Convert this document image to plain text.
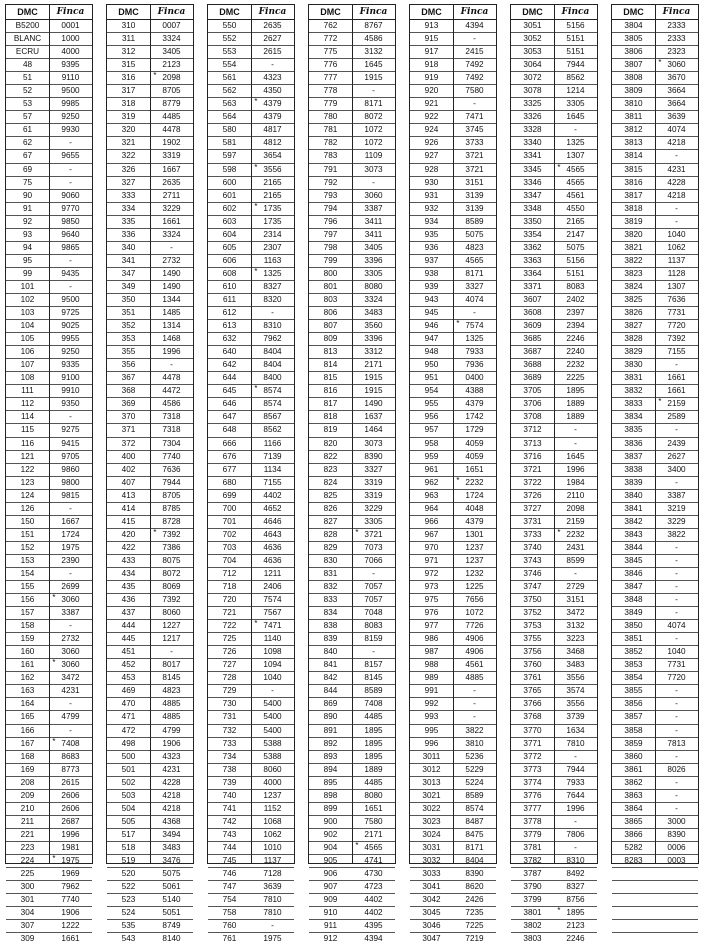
DMC	Finca
B5200	0001
BLANC	1000
ECRU	4000
48	9395
51	9110
52	9500
53	9985
57	9250
61	9930
62	-
67	9655
69	-
75	-
90	9060
91	9770
92	9850
93	9640
94	9865
95	-
99	9435
101	-
102	9500
103	9725
104	9025
105	9955
106	9250
107	9335
108	9100
111	9910
112	9350
114	-
115	9275
116	9415
121	9705
122	9860
123	9800
124	9815
126	-
150	1667
151	1724
152	1975
153	2390
154	-
155	2699
156	* 3060
157	3387
158	-
159	2732
160	3060
161	* 3060
162	3472
163	4231
164	-
165	4799
166	-
167	* 7408
168	8683
169	8773
208	2615
209	2606
210	2606
211	2687
221	1996
223	1981
224	* 1975
225	1969
300	7962
301	7740
304	1906
307	1222
309	1661
DMC	Finca
310	0007
311	3324
312	3405
315	2123
316	* 2098
317	8705
318	8779
319	4485
320	4478
321	1902
322	3319
326	1667
327	2635
333	2711
334	3229
335	1661
336	3324
340	-
341	2732
347	1490
349	1490
350	1344
351	1485
352	1314
353	1468
355	1996
356	-
367	4478
368	4472
369	4586
370	7318
371	7318
372	7304
400	7740
402	7636
407	7944
413	8705
414	8785
415	8728
420	* 7392
422	7386
433	8075
434	8072
435	8069
436	7392
437	8060
444	1227
445	1217
451	-
452	8017
453	8145
469	4823
470	4885
471	4885
472	4799
498	1906
500	4323
501	4231
502	4228
503	4218
504	4218
505	4368
517	3494
518	3483
519	3476
520	5075
522	5061
523	5140
524	5051
535	8749
543	8140
DMC	Finca
550	2635
552	2627
553	2615
554	-
561	4323
562	4350
563	* 4379
564	4379
580	4817
581	4812
597	3654
598	* 3556
600	2165
601	2165
602	* 1735
603	1735
604	2314
605	2307
606	1163
608	* 1325
610	8327
611	8320
612	-
613	8310
632	7962
640	8404
642	8404
644	8400
645	* 8574
646	8574
647	8567
648	8562
666	1166
676	7139
677	1134
680	7155
699	4402
700	4652
701	4646
702	4643
703	4636
704	4636
712	1211
718	2406
720	7574
721	7567
722	* 7471
725	1140
726	1098
727	1094
728	1040
729	-
730	5400
731	5400
732	5400
733	5388
734	5388
738	8060
739	4000
740	1237
741	1152
742	1068
743	1062
744	1010
745	1137
746	7128
747	3639
754	7810
758	7810
760	-
761	1975
DMC	Finca
762	8767
772	4586
775	3132
776	1645
777	1915
778	-
779	8171
780	8072
781	1072
782	1072
783	1109
791	3073
792	-
793	3060
794	3387
796	3411
797	3411
798	3405
799	3396
800	3305
801	8080
803	3324
806	3483
807	3560
809	3396
813	3312
814	2171
815	1915
816	1915
817	1490
818	1637
819	1464
820	3073
822	8390
823	3327
824	3319
825	3319
826	3229
827	3305
828	* 3721
829	7073
830	7066
831	-
832	7057
833	7057
834	7048
838	8083
839	8159
840	-
841	8157
842	8145
844	8589
869	7408
890	4485
891	1895
892	1895
893	1895
894	1889
895	4485
898	8080
899	1651
900	7580
902	2171
904	* 4565
905	4741
906	4730
907	4723
909	4402
910	4402
911	4395
912	4394
DMC	Finca
913	4394
915	-
917	2415
918	7492
919	7492
920	7580
921	-
922	7471
924	3745
926	3733
927	3721
928	3721
930	3151
931	3139
932	3139
934	8589
935	5075
936	4823
937	4565
938	8171
939	3327
943	4074
945	-
946	* 7574
947	1325
948	7933
950	7936
951	0400
954	4388
955	4379
956	1742
957	1729
958	4059
959	4059
961	1651
962	* 2232
963	1724
964	4048
966	4379
967	1301
970	1237
971	1237
972	1232
973	1225
975	7656
976	1072
977	7726
986	4906
987	4906
988	4561
989	4885
991	-
992	-
993	-
995	3822
996	3810
3011	5236
3012	5229
3013	5224
3021	8589
3022	8574
3023	8487
3024	8475
3031	8171
3032	8404
3033	8390
3041	8620
3042	2426
3045	7235
3046	7225
3047	7219
DMC	Finca
3051	5156
3052	5151
3053	5151
3064	7944
3072	8562
3078	1214
3325	3305
3326	1645
3328	-
3340	1325
3341	1307
3345	* 4565
3346	4565
3347	4561
3348	4550
3350	2165
3354	2147
3362	5075
3363	5156
3364	5151
3371	8083
3607	2402
3608	2397
3609	2394
3685	2246
3687	2240
3688	2232
3689	2225
3705	1895
3706	1889
3708	1889
3712	-
3713	-
3716	1645
3721	1996
3722	1984
3726	2110
3727	2098
3731	2159
3733	* 2232
3740	2431
3743	8599
3746	-
3747	2729
3750	3151
3752	3472
3753	3132
3755	3223
3756	3468
3760	3483
3761	3556
3765	3574
3766	3556
3768	3739
3770	1634
3771	7810
3772	-
3773	7944
3774	7933
3776	7644
3777	1996
3778	-
3779	7806
3781	-
3782	8310
3787	8492
3790	8327
3799	8756
3801	* 1895
3802	2123
3803	2246
DMC	Finca
3804	2333
3805	2333
3806	2323
3807	* 3060
3808	3670
3809	3664
3810	3664
3811	3639
3812	4074
3813	4218
3814	-
3815	4231
3816	4228
3817	4218
3818	-
3819	-
3820	1040
3821	1062
3822	1137
3823	1128
3824	1307
3825	7636
3826	7731
3827	7720
3828	7392
3829	7155
3830	-
3831	1661
3832	1661
3833	* 2159
3834	2589
3835	-
3836	2439
3837	2627
3838	3400
3839	-
3840	3387
3841	3219
3842	3229
3843	3822
3844	-
3845	-
3846	-
3847	-
3848	-
3849	-
3850	4074
3851	-
3852	1040
3853	7731
3854	7720
3855	-
3856	-
3857	-
3858	-
3859	7813
3860	-
3861	8026
3862	-
3863	-
3864	-
3865	3000
3866	8390
5282	0006
8283	0003
